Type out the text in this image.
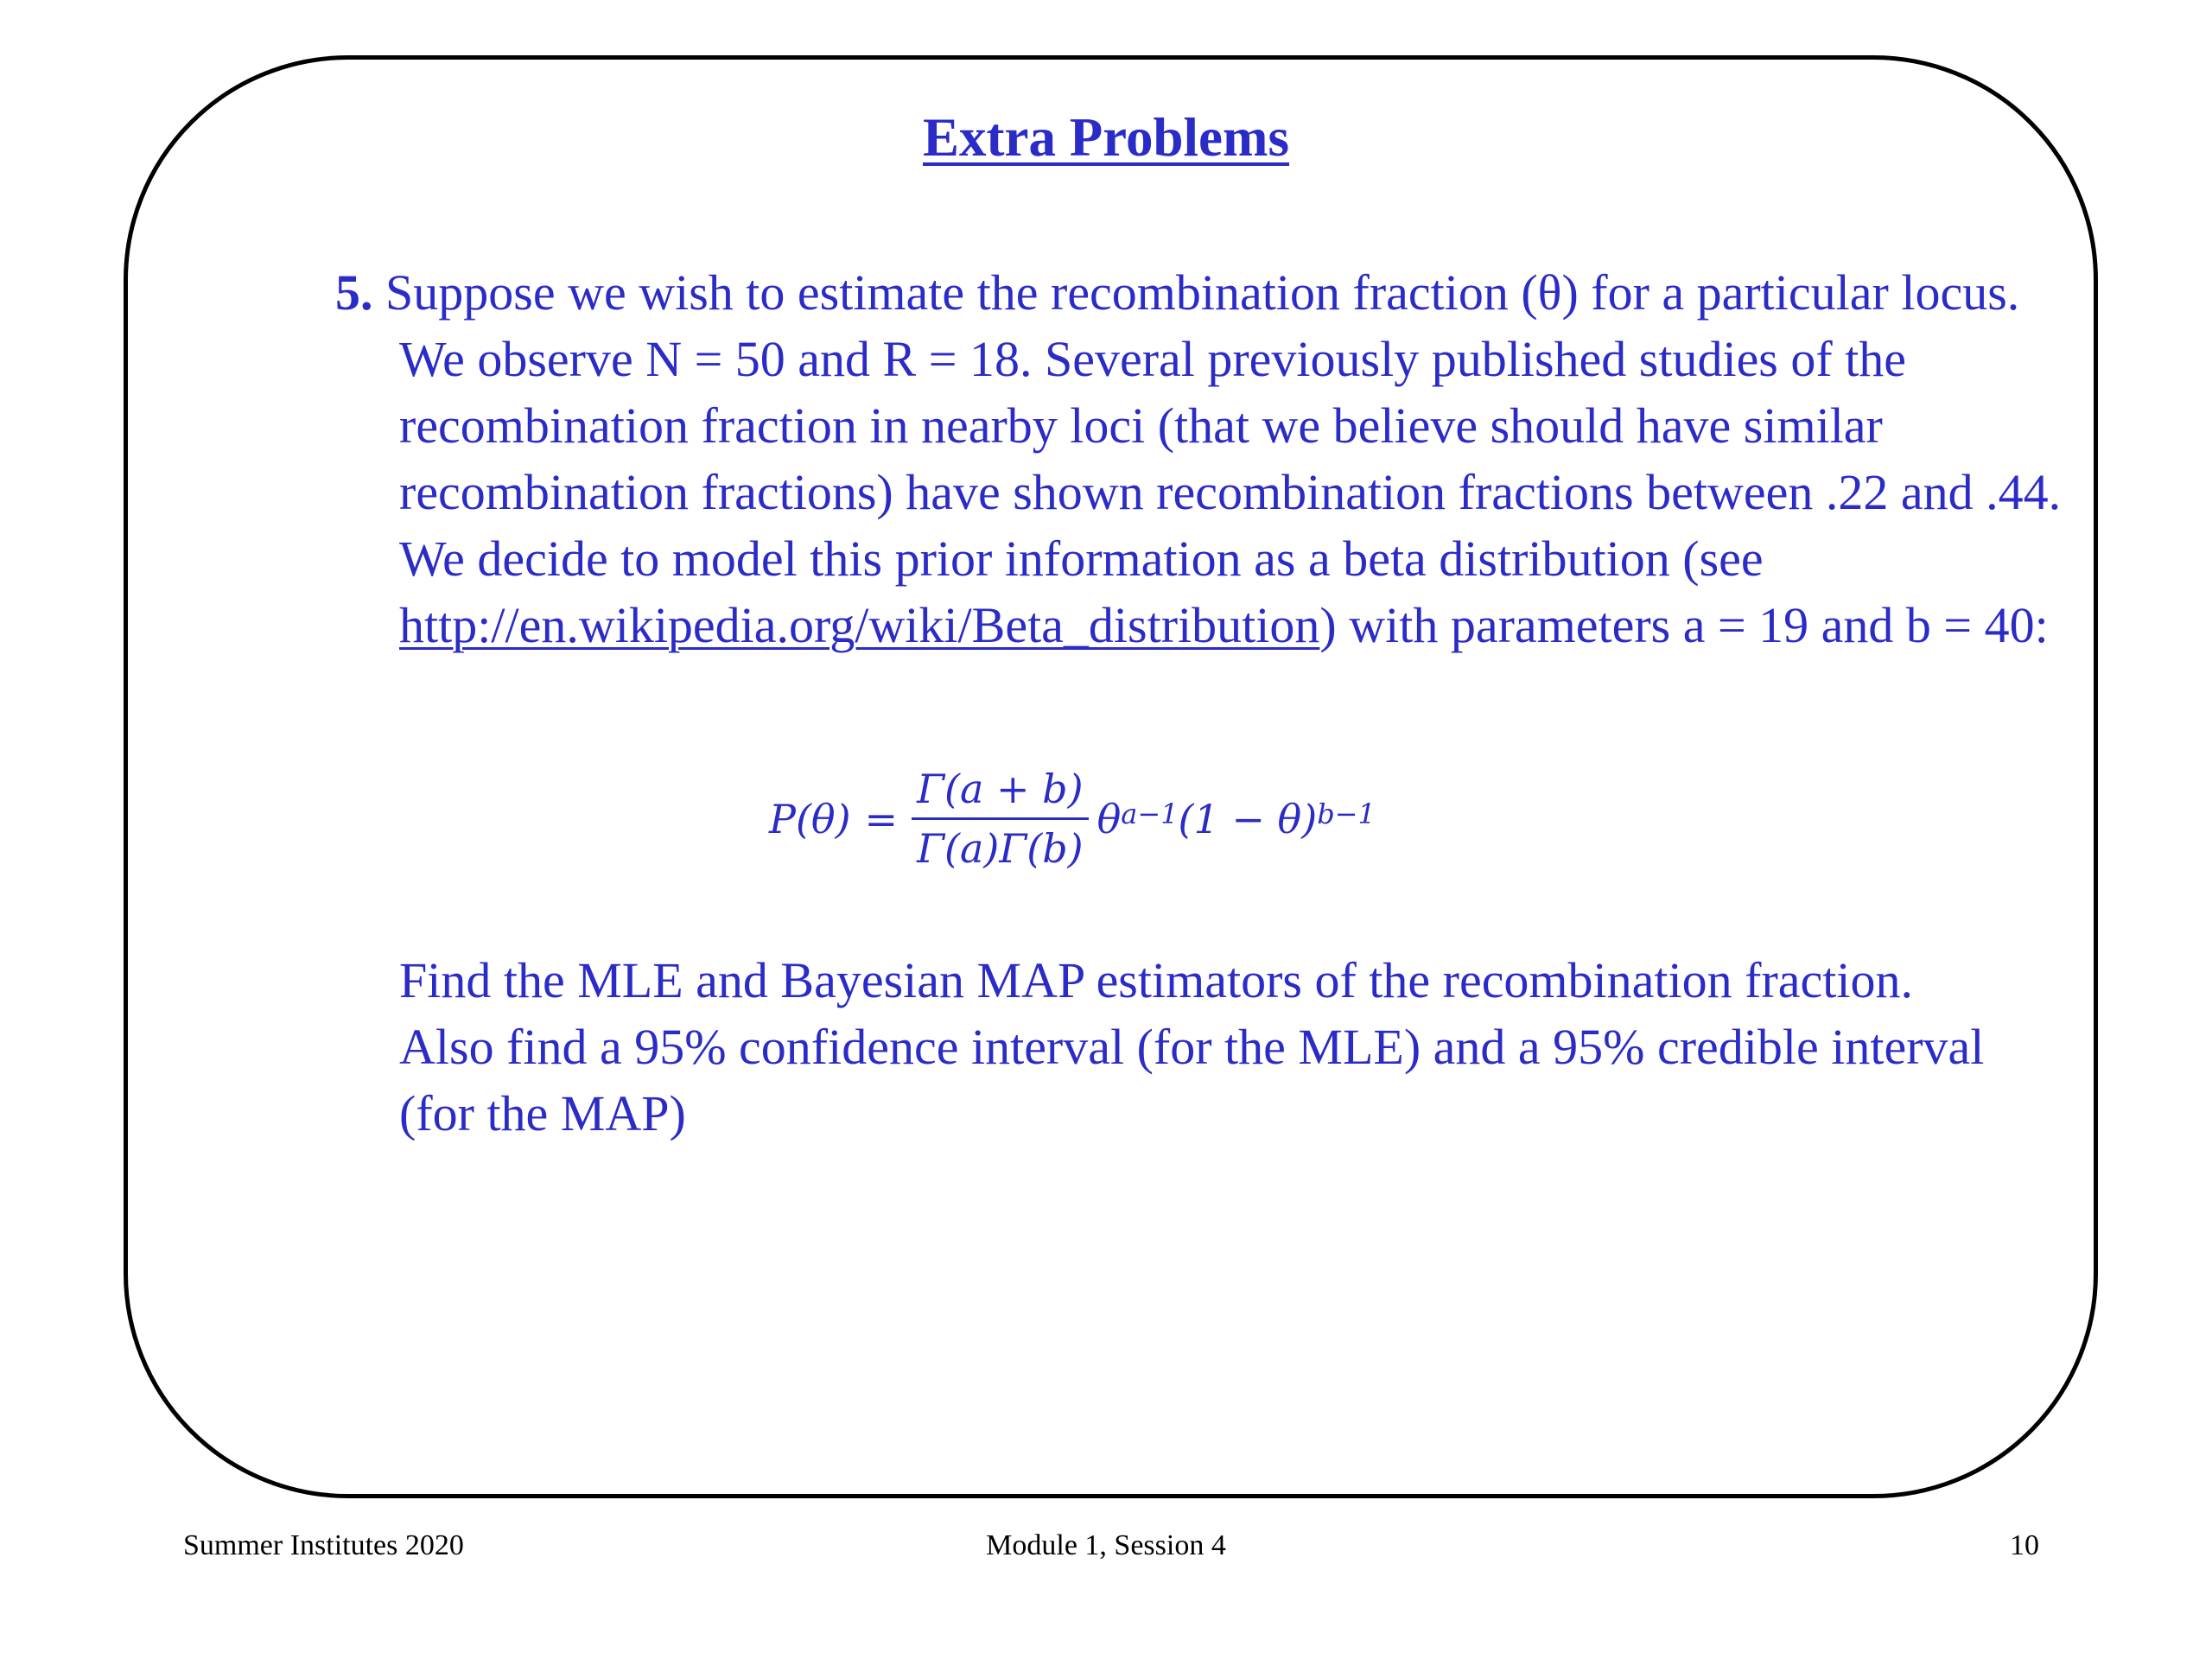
Extra Problems
5. Suppose we wish to estimate the recombination fraction (θ) for a particular locus. We observe N = 50 and R = 18. Several previously published studies of the recombination fraction in nearby loci (that we believe should have similar recombination fractions) have shown recombination fractions between .22 and .44. We decide to model this prior information as a beta distribution (see http://en.wikipedia.org/wiki/Beta_distribution) with parameters a = 19 and b = 40:
$P(\theta) = \frac{\Gamma(a + b)}{\Gamma(a)\Gamma(b)} \theta^{a-1}$ $(1 - \theta)^{b-1}$
Find the MLE and Bayesian MAP estimators of the recombination fraction. Also find a 95% confidence interval (for the MLE) and a 95% credible interval (for the MAP)
Summer Institutes 2020	Module 1, Session 4	10
